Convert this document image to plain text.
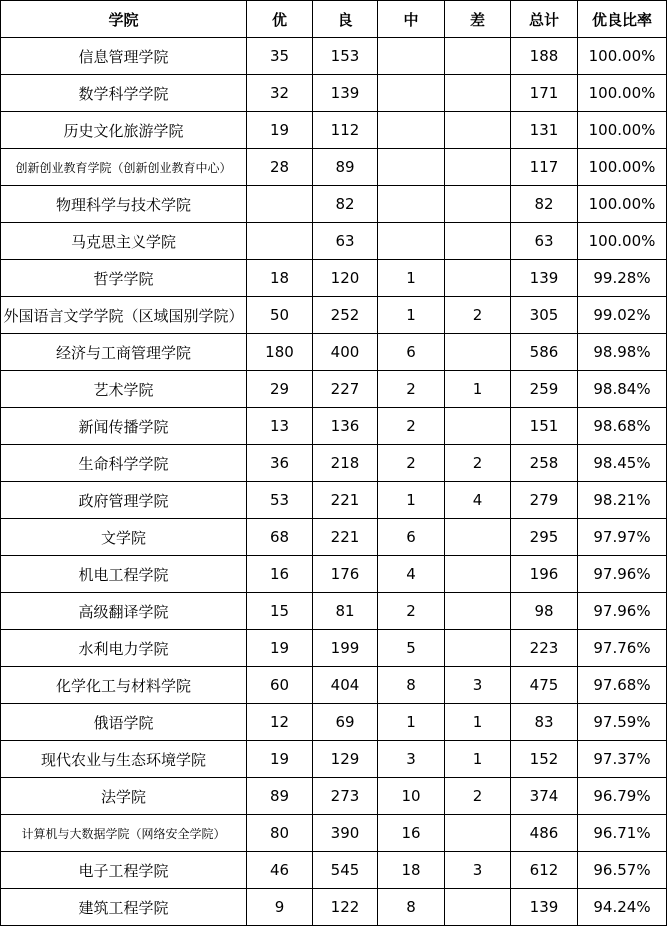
学院	优	良	中	差	总计	优良比率
信息管理学院	35	153			188	100.00%
数学科学学院	32	139			171	100.00%
历史文化旅游学院	19	112			131	100.00%
创新创业教育学院（创新创业教育中心）	28	89			117	100.00%
物理科学与技术学院		82			82	100.00%
马克思主义学院		63			63	100.00%
哲学学院	18	120	1		139	99.28%
外国语言文学学院（区域国别学院）	50	252	1	2	305	99.02%
经济与工商管理学院	180	400	6		586	98.98%
艺术学院	29	227	2	1	259	98.84%
新闻传播学院	13	136	2		151	98.68%
生命科学学院	36	218	2	2	258	98.45%
政府管理学院	53	221	1	4	279	98.21%
文学院	68	221	6		295	97.97%
机电工程学院	16	176	4		196	97.96%
高级翻译学院	15	81	2		98	97.96%
水利电力学院	19	199	5		223	97.76%
化学化工与材料学院	60	404	8	3	475	97.68%
俄语学院	12	69	1	1	83	97.59%
现代农业与生态环境学院	19	129	3	1	152	97.37%
法学院	89	273	10	2	374	96.79%
计算机与大数据学院（网络安全学院）	80	390	16		486	96.71%
电子工程学院	46	545	18	3	612	96.57%
建筑工程学院	9	122	8		139	94.24%
